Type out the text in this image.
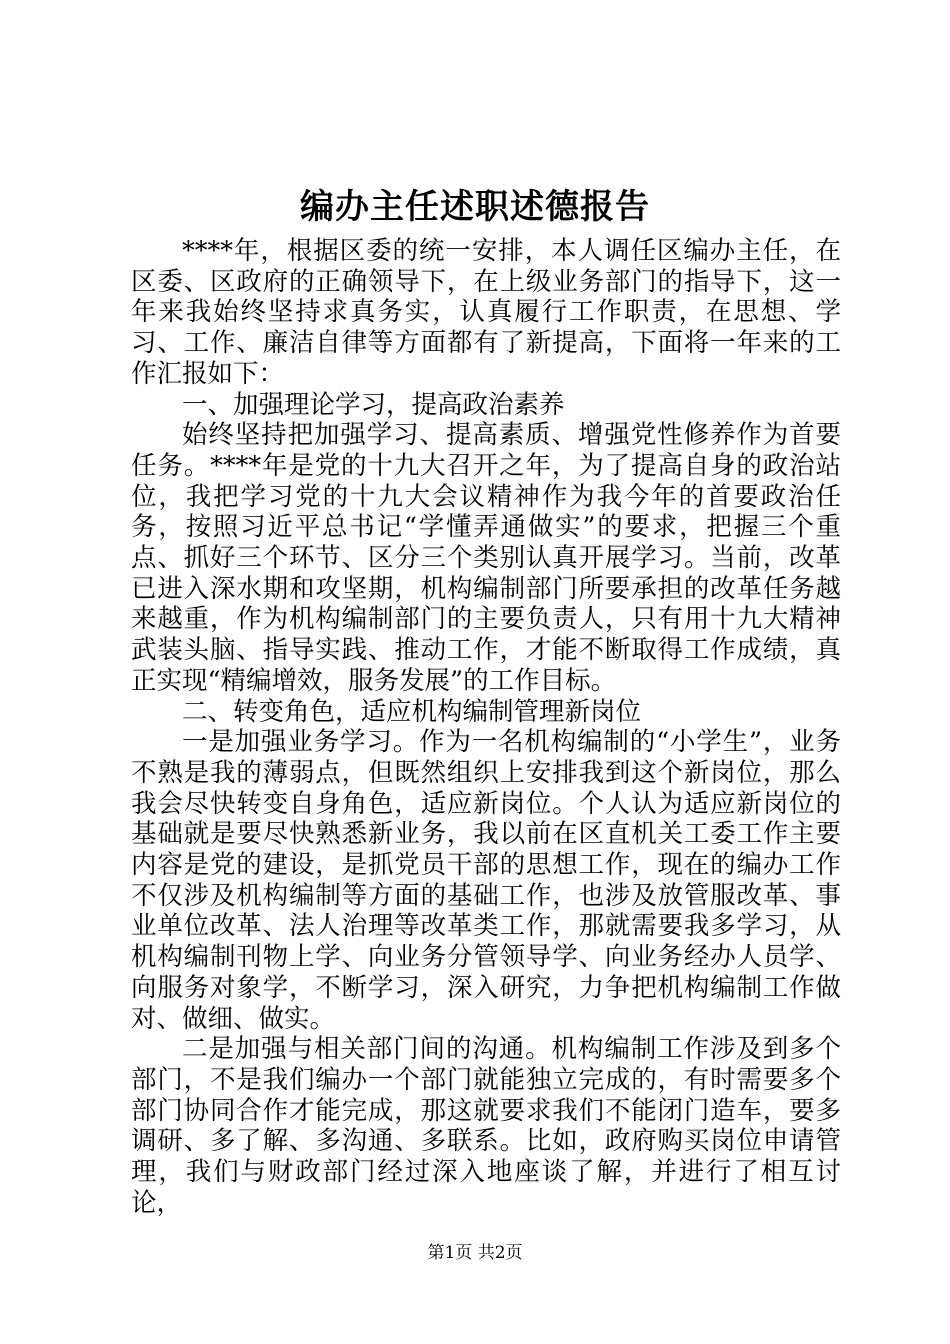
编办主任述职述德报告

****年，根据区委的统一安排，本人调任区编办主任，在区委、区政府的正确领导下，在上级业务部门的指导下，这一年来我始终坚持求真务实，认真履行工作职责，在思想、学习、工作、廉洁自律等方面都有了新提高，下面将一年来的工作汇报如下：

一、加强理论学习，提高政治素养

始终坚持把加强学习、提高素质、增强党性修养作为首要任务。****年是党的十九大召开之年，为了提高自身的政治站位，我把学习党的十九大会议精神作为我今年的首要政治任务，按照习近平总书记“学懂弄通做实”的要求，把握三个重点、抓好三个环节、区分三个类别认真开展学习。当前，改革已进入深水期和攻坚期，机构编制部门所要承担的改革任务越来越重，作为机构编制部门的主要负责人，只有用十九大精神武装头脑、指导实践、推动工作，才能不断取得工作成绩，真正实现“精编增效，服务发展”的工作目标。

二、转变角色，适应机构编制管理新岗位

一是加强业务学习。作为一名机构编制的“小学生”，业务不熟是我的薄弱点，但既然组织上安排我到这个新岗位，那么我会尽快转变自身角色，适应新岗位。个人认为适应新岗位的基础就是要尽快熟悉新业务，我以前在区直机关工委工作主要内容是党的建设，是抓党员干部的思想工作，现在的编办工作不仅涉及机构编制等方面的基础工作，也涉及放管服改革、事业单位改革、法人治理等改革类工作，那就需要我多学习，从机构编制刊物上学、向业务分管领导学、向业务经办人员学、向服务对象学，不断学习，深入研究，力争把机构编制工作做对、做细、做实。

二是加强与相关部门间的沟通。机构编制工作涉及到多个部门，不是我们编办一个部门就能独立完成的，有时需要多个部门协同合作才能完成，那这就要求我们不能闭门造车，要多调研、多了解、多沟通、多联系。比如，政府购买岗位申请管理，我们与财政部门经过深入地座谈了解，并进行了相互讨论，

第1页 共2页
